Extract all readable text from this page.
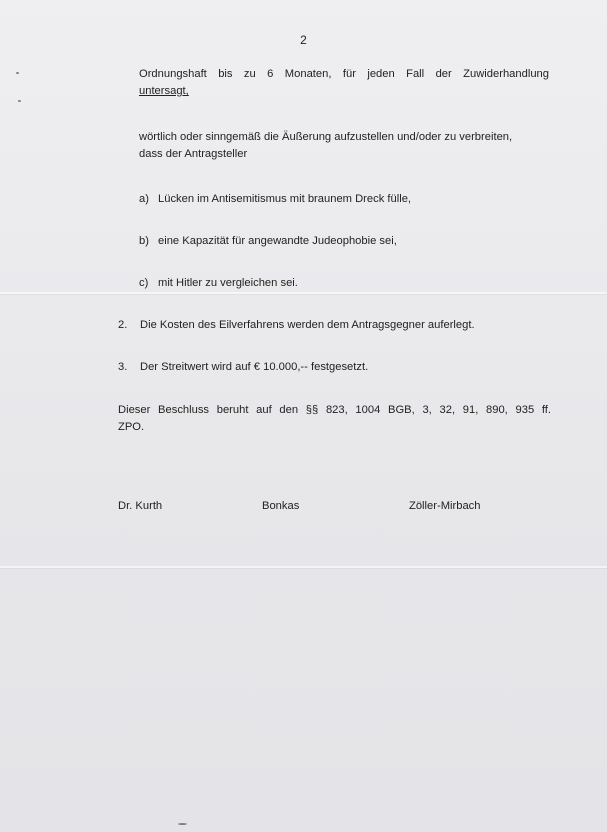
2
Ordnungshaft bis zu 6 Monaten, für jeden Fall der Zuwiderhandlung
untersagt,
wörtlich oder sinngemäß die Äußerung aufzustellen und/oder zu verbreiten,
dass der Antragsteller
a) Lücken im Antisemitismus mit braunem Dreck fülle,
b) eine Kapazität für angewandte Judeophobie sei,
c) mit Hitler zu vergleichen sei.
2.	Die Kosten des Eilverfahrens werden dem Antragsgegner auferlegt.
3.	Der Streitwert wird auf € 10.000,-- festgesetzt.
Dieser Beschluss beruht auf den §§ 823, 1004 BGB, 3, 32, 91, 890, 935 ff.
ZPO.
Dr. Kurth	Bonkas	Zöller-Mirbach
